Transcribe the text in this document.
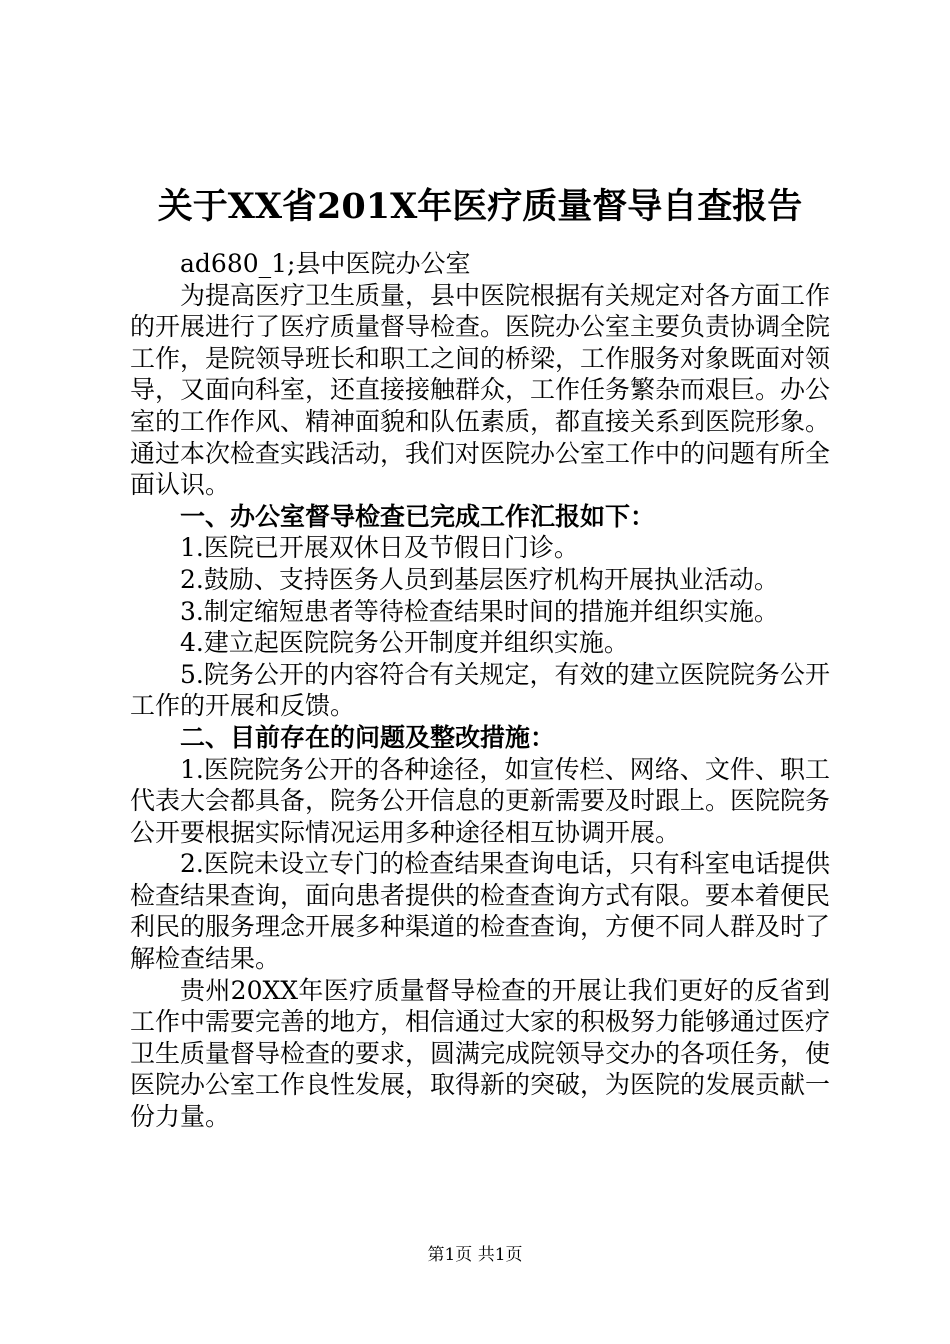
关于XX省201X年医疗质量督导自查报告

ad680_1;县中医院办公室

为提高医疗卫生质量，县中医院根据有关规定对各方面工作的开展进行了医疗质量督导检查。医院办公室主要负责协调全院工作，是院领导班长和职工之间的桥梁，工作服务对象既面对领导，又面向科室，还直接接触群众，工作任务繁杂而艰巨。办公室的工作作风、精神面貌和队伍素质，都直接关系到医院形象。通过本次检查实践活动，我们对医院办公室工作中的问题有所全面认识。

一、办公室督导检查已完成工作汇报如下：

1.医院已开展双休日及节假日门诊。

2.鼓励、支持医务人员到基层医疗机构开展执业活动。

3.制定缩短患者等待检查结果时间的措施并组织实施。

4.建立起医院院务公开制度并组织实施。

5.院务公开的内容符合有关规定，有效的建立医院院务公开工作的开展和反馈。

二、目前存在的问题及整改措施：

1.医院院务公开的各种途径，如宣传栏、网络、文件、职工代表大会都具备，院务公开信息的更新需要及时跟上。医院院务公开要根据实际情况运用多种途径相互协调开展。

2.医院未设立专门的检查结果查询电话，只有科室电话提供检查结果查询，面向患者提供的检查查询方式有限。要本着便民利民的服务理念开展多种渠道的检查查询，方便不同人群及时了解检查结果。

贵州20XX年医疗质量督导检查的开展让我们更好的反省到工作中需要完善的地方，相信通过大家的积极努力能够通过医疗卫生质量督导检查的要求，圆满完成院领导交办的各项任务，使医院办公室工作良性发展，取得新的突破，为医院的发展贡献一份力量。

第1页 共1页
